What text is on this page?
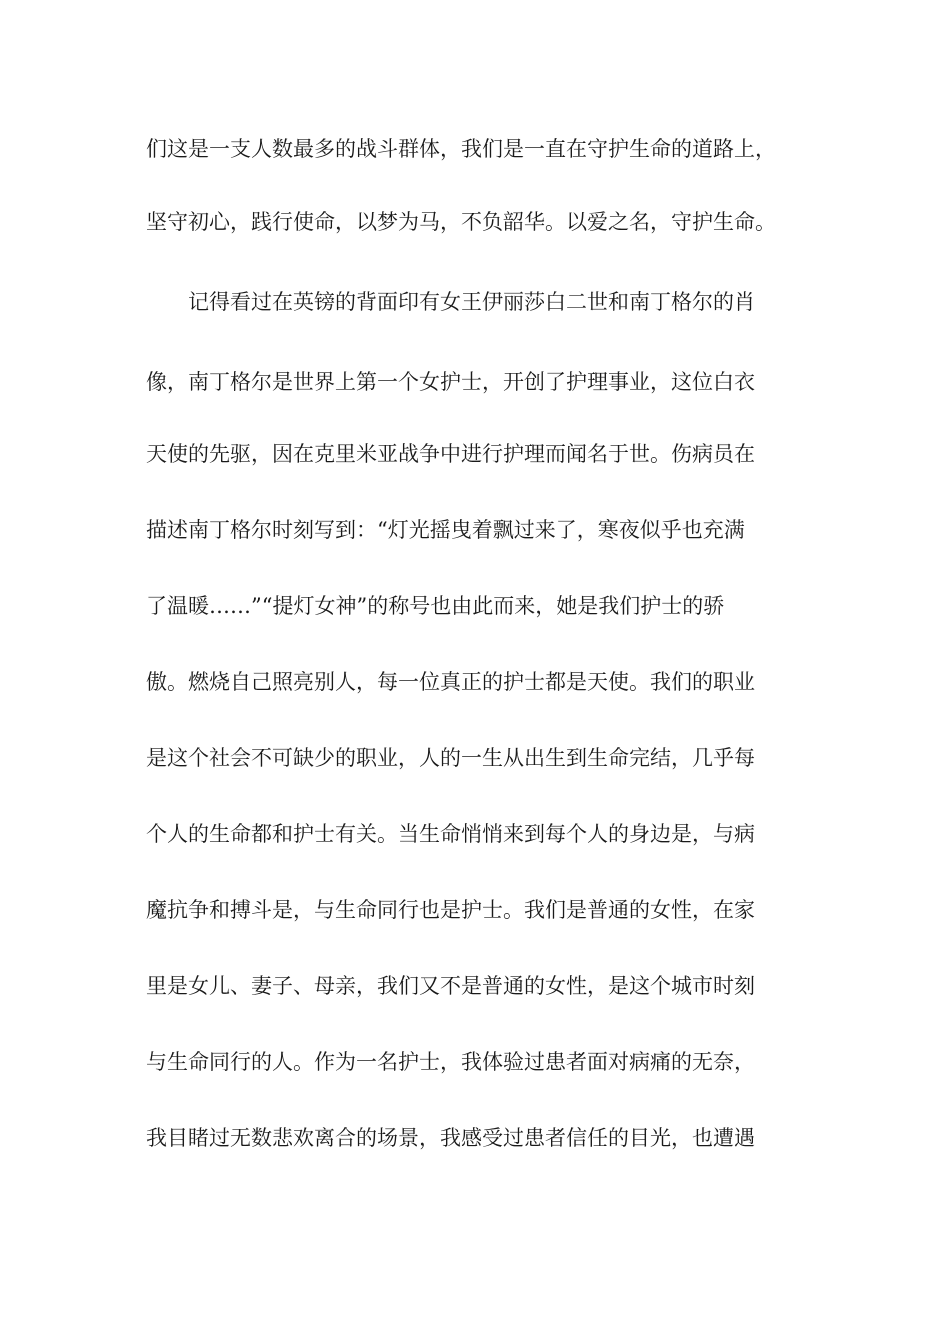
们这是一支人数最多的战斗群体，我们是一直在守护生命的道路上，
坚守初心，践行使命，以梦为马，不负韶华。以爱之名，守护生命。
记得看过在英镑的背面印有女王伊丽莎白二世和南丁格尔的肖
像，南丁格尔是世界上第一个女护士，开创了护理事业，这位白衣
天使的先驱，因在克里米亚战争中进行护理而闻名于世。伤病员在
描述南丁格尔时刻写到：“灯光摇曳着飘过来了，寒夜似乎也充满
了温暖……”“提灯女神”的称号也由此而来，她是我们护士的骄
傲。燃烧自己照亮别人，每一位真正的护士都是天使。我们的职业
是这个社会不可缺少的职业，人的一生从出生到生命完结，几乎每
个人的生命都和护士有关。当生命悄悄来到每个人的身边是，与病
魔抗争和搏斗是，与生命同行也是护士。我们是普通的女性，在家
里是女儿、妻子、母亲，我们又不是普通的女性，是这个城市时刻
与生命同行的人。作为一名护士，我体验过患者面对病痛的无奈，
我目睹过无数悲欢离合的场景，我感受过患者信任的目光，也遭遇
